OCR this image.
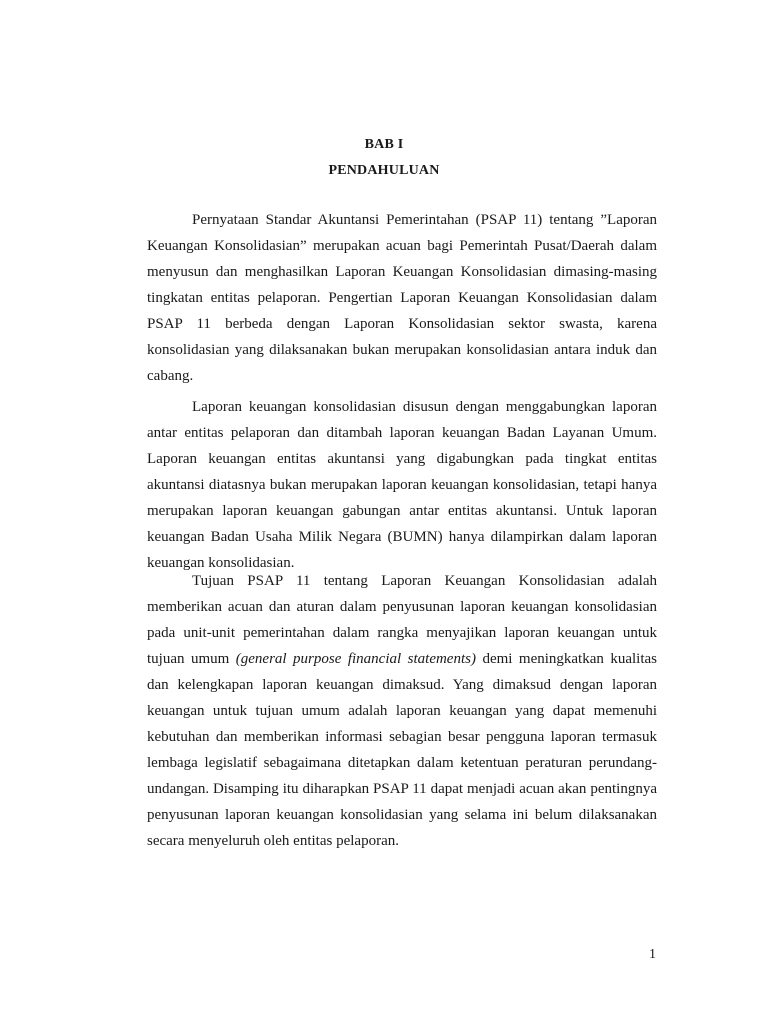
BAB I
PENDAHULUAN

Pernyataan Standar Akuntansi Pemerintahan (PSAP 11) tentang ”Laporan Keuangan Konsolidasian” merupakan acuan bagi Pemerintah Pusat/Daerah dalam menyusun dan menghasilkan Laporan Keuangan Konsolidasian dimasing-masing tingkatan entitas pelaporan. Pengertian Laporan Keuangan Konsolidasian dalam PSAP 11 berbeda dengan Laporan Konsolidasian sektor swasta, karena konsolidasian yang dilaksanakan bukan merupakan konsolidasian antara induk dan cabang.

Laporan keuangan konsolidasian disusun dengan menggabungkan laporan antar entitas pelaporan dan ditambah laporan keuangan Badan Layanan Umum. Laporan keuangan entitas akuntansi yang digabungkan pada tingkat entitas akuntansi diatasnya bukan merupakan laporan keuangan konsolidasian, tetapi hanya merupakan laporan keuangan gabungan antar entitas akuntansi. Untuk laporan keuangan Badan Usaha Milik Negara (BUMN) hanya dilampirkan dalam laporan keuangan konsolidasian.

Tujuan PSAP 11 tentang Laporan Keuangan Konsolidasian adalah memberikan acuan dan aturan dalam penyusunan laporan keuangan konsolidasian pada unit-unit pemerintahan dalam rangka menyajikan laporan keuangan untuk tujuan umum (general purpose financial statements) demi meningkatkan kualitas dan kelengkapan laporan keuangan dimaksud. Yang dimaksud dengan laporan keuangan untuk tujuan umum adalah laporan keuangan yang dapat memenuhi kebutuhan dan memberikan informasi sebagian besar pengguna laporan termasuk lembaga legislatif sebagaimana ditetapkan dalam ketentuan peraturan perundang-undangan. Disamping itu diharapkan PSAP 11 dapat menjadi acuan akan pentingnya penyusunan laporan keuangan konsolidasian yang selama ini belum dilaksanakan secara menyeluruh oleh entitas pelaporan.

1
